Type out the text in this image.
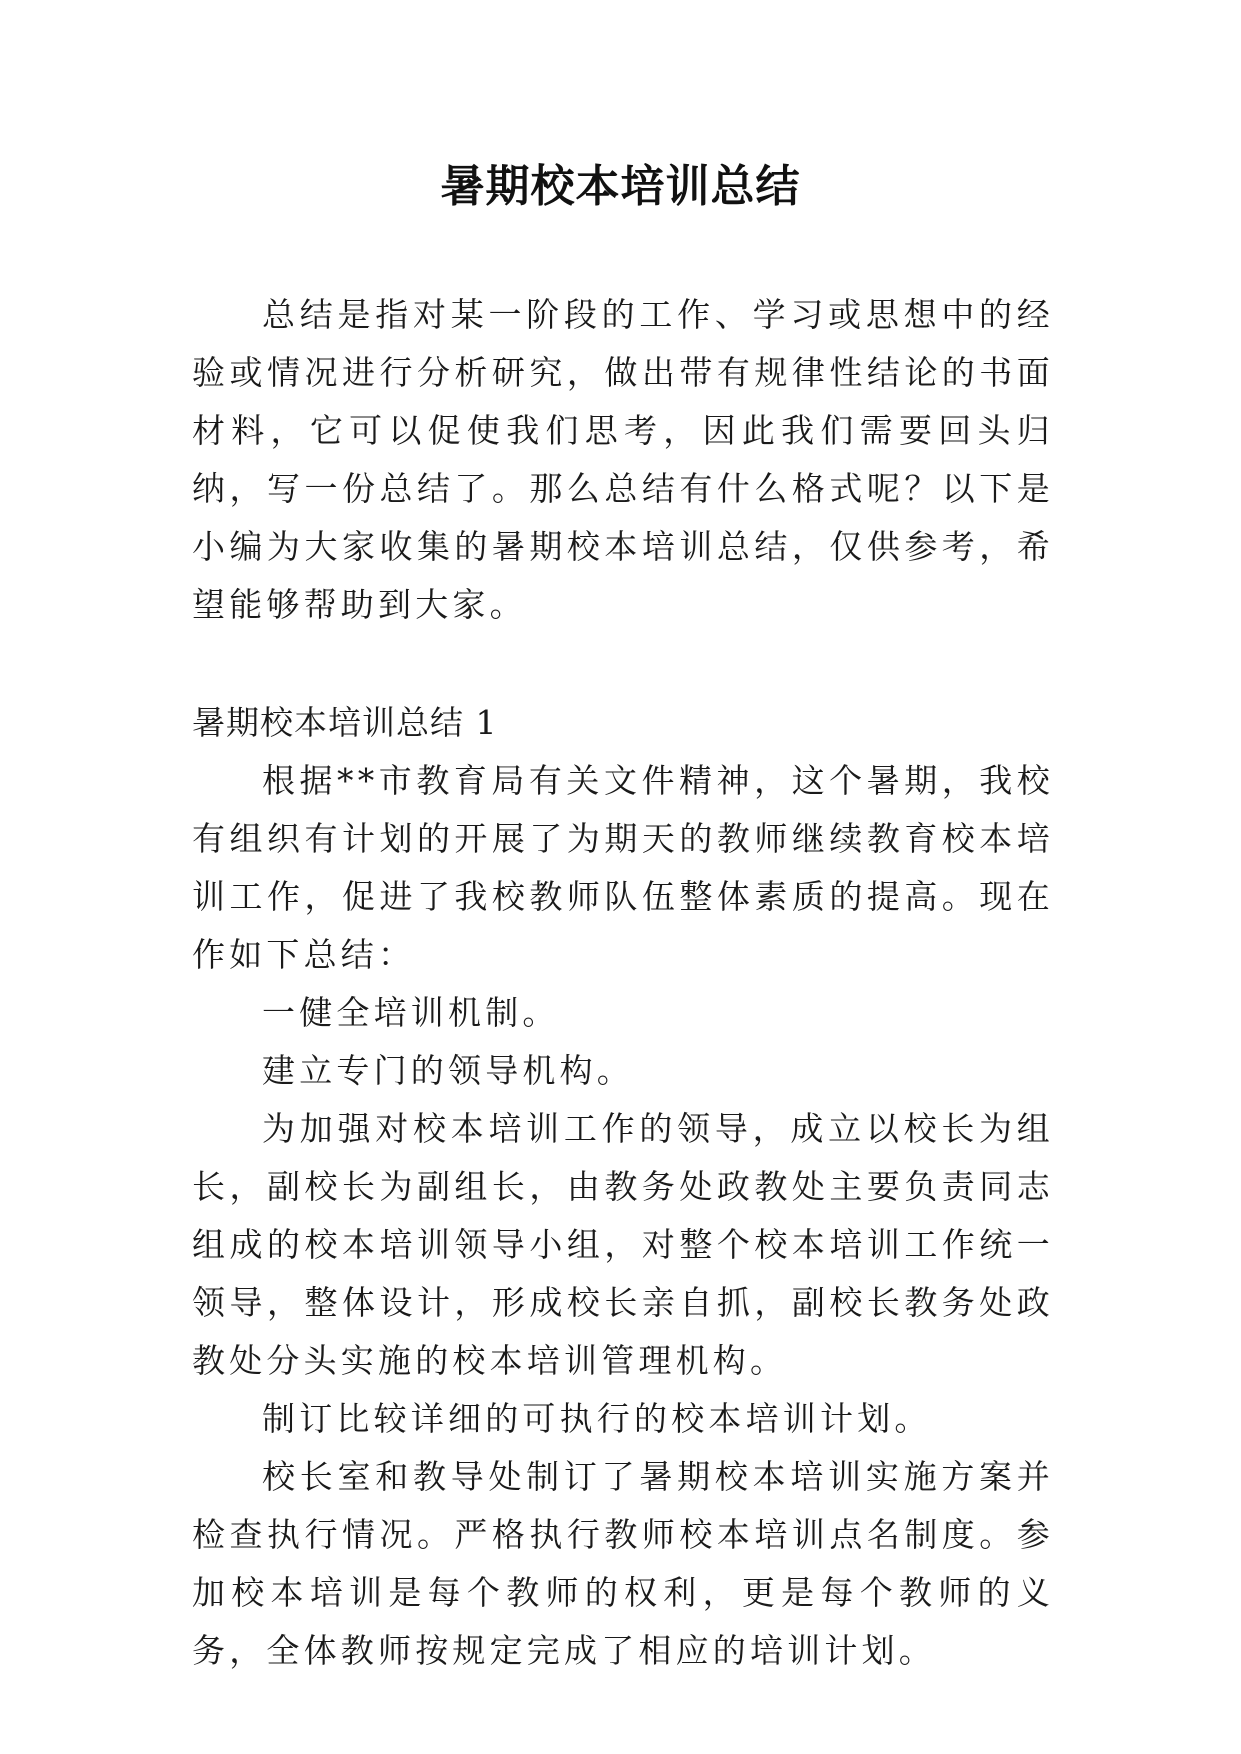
暑期校本培训总结

总结是指对某一阶段的工作、学习或思想中的经验或情况进行分析研究，做出带有规律性结论的书面材料，它可以促使我们思考，因此我们需要回头归纳，写一份总结了。那么总结有什么格式呢？以下是小编为大家收集的暑期校本培训总结，仅供参考，希望能够帮助到大家。

暑期校本培训总结 1

根据**市教育局有关文件精神，这个暑期，我校有组织有计划的开展了为期天的教师继续教育校本培训工作，促进了我校教师队伍整体素质的提高。现在作如下总结：

一健全培训机制。

建立专门的领导机构。

为加强对校本培训工作的领导，成立以校长为组长，副校长为副组长，由教务处政教处主要负责同志组成的校本培训领导小组，对整个校本培训工作统一领导，整体设计，形成校长亲自抓，副校长教务处政教处分头实施的校本培训管理机构。

制订比较详细的可执行的校本培训计划。

校长室和教导处制订了暑期校本培训实施方案并检查执行情况。严格执行教师校本培训点名制度。参加校本培训是每个教师的权利，更是每个教师的义务，全体教师按规定完成了相应的培训计划。
